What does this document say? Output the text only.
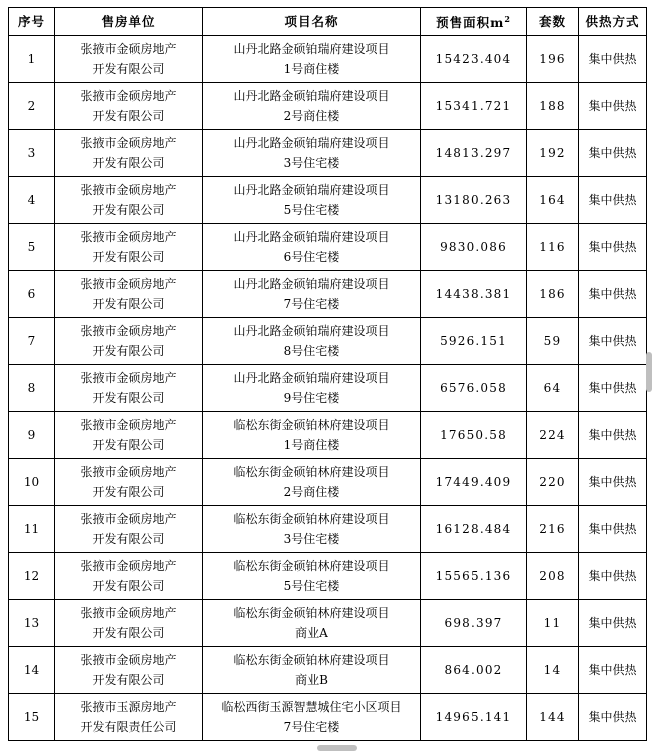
序号	售房单位	项目名称	预售面积$m^2$	套数	供热方式
1	张掖市金硕房地产
开发有限公司	山丹北路金硕铂瑞府建设项目
1号商住楼	15423.404	196	集中供热
2	张掖市金硕房地产
开发有限公司	山丹北路金硕铂瑞府建设项目
2号商住楼	15341.721	188	集中供热
3	张掖市金硕房地产
开发有限公司	山丹北路金硕铂瑞府建设项目
3号住宅楼	14813.297	192	集中供热
4	张掖市金硕房地产
开发有限公司	山丹北路金硕铂瑞府建设项目
5号住宅楼	13180.263	164	集中供热
5	张掖市金硕房地产
开发有限公司	山丹北路金硕铂瑞府建设项目
6号住宅楼	9830.086	116	集中供热
6	张掖市金硕房地产
开发有限公司	山丹北路金硕铂瑞府建设项目
7号住宅楼	14438.381	186	集中供热
7	张掖市金硕房地产
开发有限公司	山丹北路金硕铂瑞府建设项目
8号住宅楼	5926.151	59	集中供热
8	张掖市金硕房地产
开发有限公司	山丹北路金硕铂瑞府建设项目
9号住宅楼	6576.058	64	集中供热
9	张掖市金硕房地产
开发有限公司	临松东街金硕铂林府建设项目
1号商住楼	17650.58	224	集中供热
10	张掖市金硕房地产
开发有限公司	临松东街金硕铂林府建设项目
2号商住楼	17449.409	220	集中供热
11	张掖市金硕房地产
开发有限公司	临松东街金硕铂林府建设项目
3号住宅楼	16128.484	216	集中供热
12	张掖市金硕房地产
开发有限公司	临松东街金硕铂林府建设项目
5号住宅楼	15565.136	208	集中供热
13	张掖市金硕房地产
开发有限公司	临松东街金硕铂林府建设项目
商业A	698.397	11	集中供热
14	张掖市金硕房地产
开发有限公司	临松东街金硕铂林府建设项目
商业B	864.002	14	集中供热
15	张掖市玉源房地产
开发有限责任公司	临松西街玉源智慧城住宅小区项目
7号住宅楼	14965.141	144	集中供热
